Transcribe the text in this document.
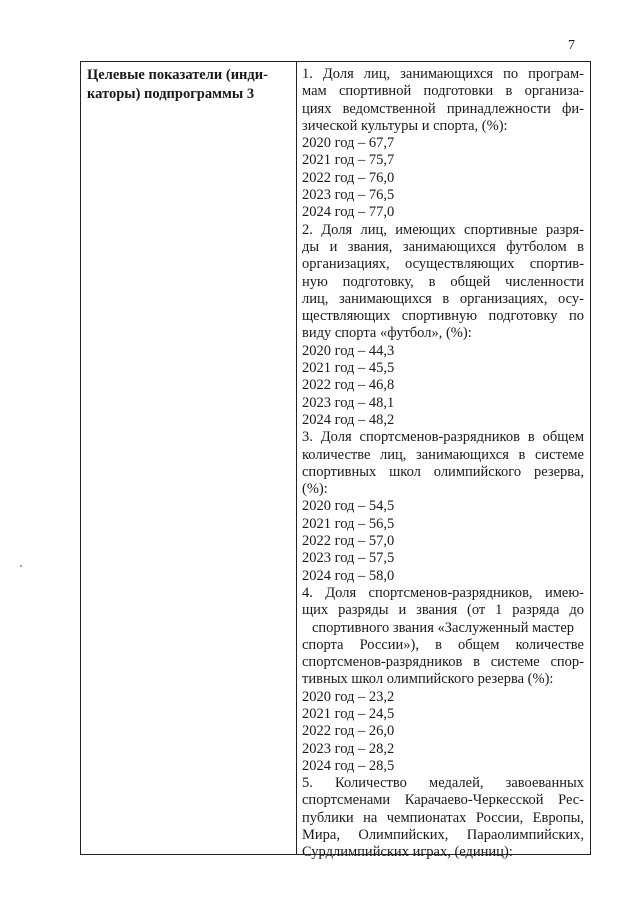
7
Целевые показатели (инди-
каторы) подпрограммы 3
1. Доля лиц, занимающихся по програм-
мам спортивной подготовки в организа-
циях ведомственной принадлежности фи-
зической культуры и спорта, (%):
2020 год – 67,7
2021 год – 75,7
2022 год – 76,0
2023 год – 76,5
2024 год – 77,0
2. Доля лиц, имеющих спортивные разря-
ды и звания, занимающихся футболом в
организациях, осуществляющих спортив-
ную подготовку, в общей численности
лиц, занимающихся в организациях, осу-
ществляющих спортивную подготовку по
виду спорта «футбол», (%):
2020 год – 44,3
2021 год – 45,5
2022 год – 46,8
2023 год – 48,1
2024 год – 48,2
3. Доля спортсменов-разрядников в общем
количестве лиц, занимающихся в системе
спортивных школ олимпийского резерва,
(%):
2020 год – 54,5
2021 год – 56,5
2022 год – 57,0
2023 год – 57,5
2024 год – 58,0
4. Доля спортсменов-разрядников, имею-
щих разряды и звания (от 1 разряда до
спортивного звания «Заслуженный мастер
спорта России»), в общем количестве
спортсменов-разрядников в системе спор-
тивных школ олимпийского резерва (%):
2020 год – 23,2
2021 год – 24,5
2022 год – 26,0
2023 год – 28,2
2024 год – 28,5
5. Количество медалей, завоеванных
спортсменами Карачаево-Черкесской Рес-
публики на чемпионатах России, Европы,
Мира, Олимпийских, Параолимпийских,
Сурдлимпийских играх, (единиц):
